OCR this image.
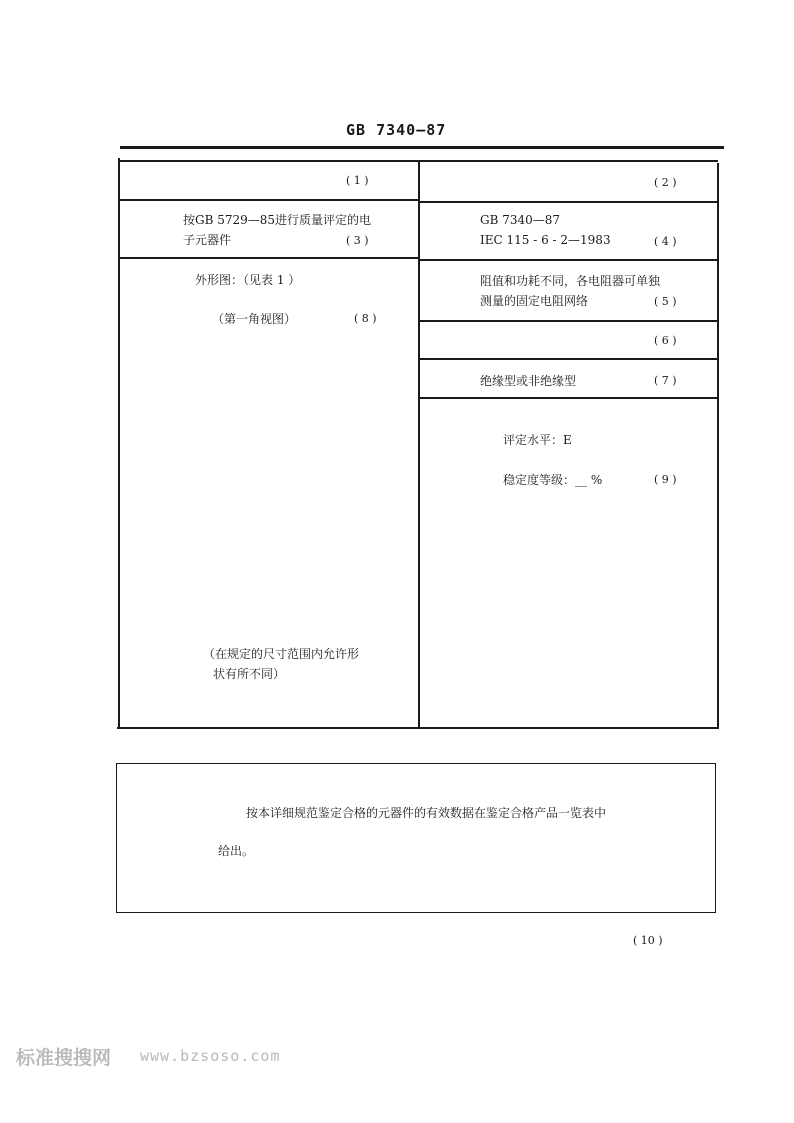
GB 7340—87
( 1 )	( 2 )
按GB 5729—85进行质量评定的电
子元器件	( 3 )
GB 7340—87
IEC 115 - 6 - 2—1983	( 4 )
阻值和功耗不同，各电阻器可单独
测量的固定电阻网络	( 5 )
( 6 )
绝缘型或非绝缘型	( 7 )
外形图：（见表 1 ）
（第一角视图）	( 8 )
（在规定的尺寸范围内允许形
状有所不同）
评定水平：E
稳定度等级：__ %	( 9 )
按本详细规范鉴定合格的元器件的有效数据在鉴定合格产品一览表中
给出。
( 10 )
标准搜搜网 www.bzsoso.com
